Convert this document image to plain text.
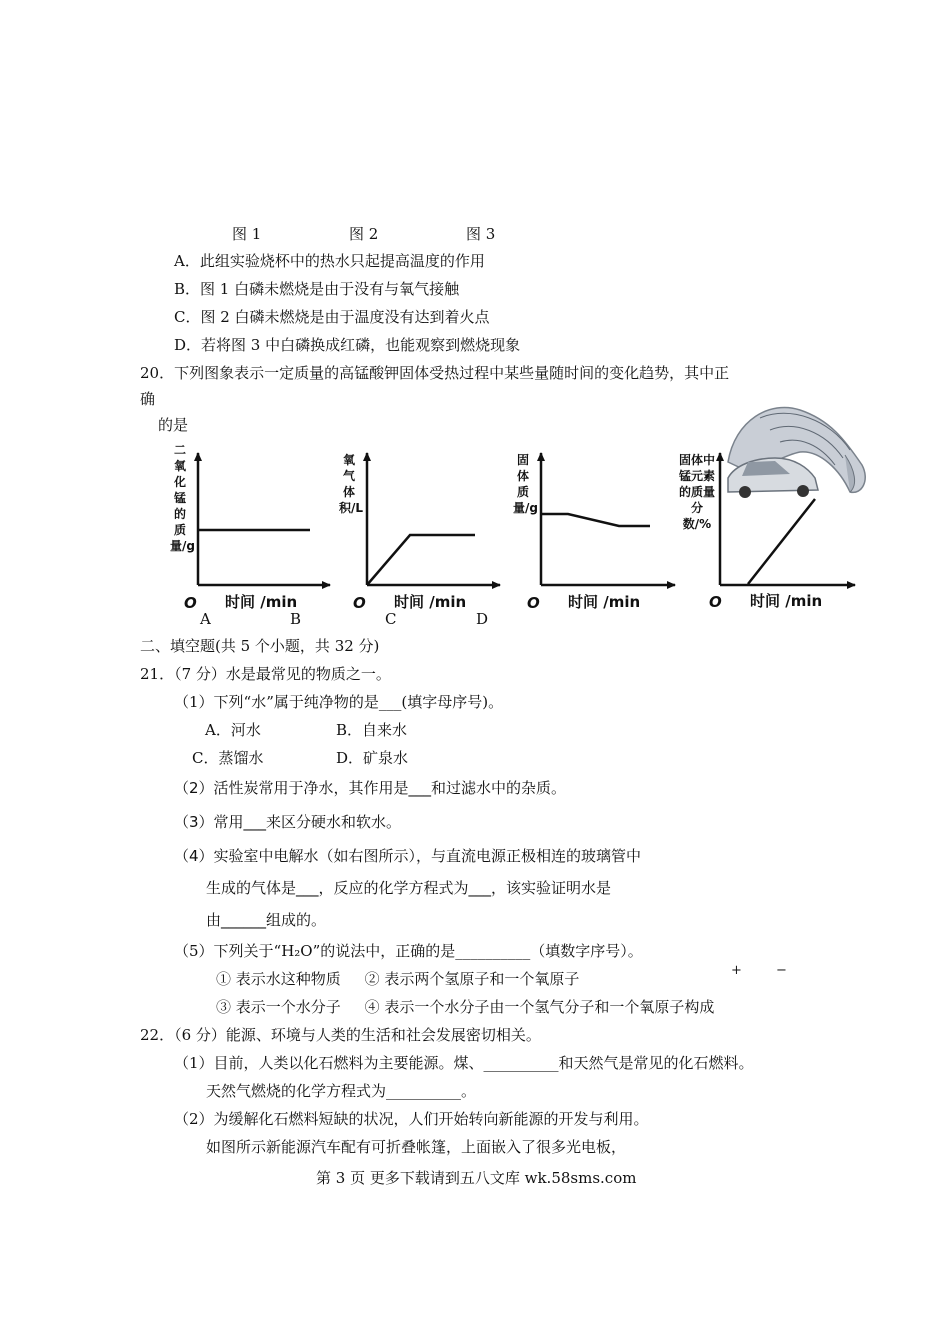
图 1	图 2	图 3
A．此组实验烧杯中的热水只起提高温度的作用
B．图 1 白磷未燃烧是由于没有与氧气接触
C．图 2 白磷未燃烧是由于温度没有达到着火点
D．若将图 3 中白磷换成红磷，也能观察到燃烧现象
20．下列图象表示一定质量的高锰酸钾固体受热过程中某些量随时间的变化趋势，其中正
确
的是
二氧化锰的质量/g
氧气体积/L
固体质量/g
固体中锰元素的质量分数/%
O 时间 /min	O 时间 /min	O 时间 /min	O 时间 /min
A	B	C	D
二、填空题(共 5 个小题，共 32 分)
21．（7 分）水是最常见的物质之一。
（1）下列“水”属于纯净物的是___(填字母序号)。
A．河水	B．自来水
C．蒸馏水	D．矿泉水
（2）活性炭常用于净水，其作用是___和过滤水中的杂质。
（3）常用___来区分硬水和软水。
（4）实验室中电解水（如右图所示），与直流电源正极相连的玻璃管中
生成的气体是___，反应的化学方程式为___，该实验证明水是
由______组成的。
（5）下列关于“H₂O”的说法中，正确的是__________（填数字序号）。
① 表示水这种物质     ② 表示两个氢原子和一个氧原子
③ 表示一个水分子     ④ 表示一个水分子由一个氢气分子和一个氧原子构成
+	−
22．（6 分）能源、环境与人类的生活和社会发展密切相关。
（1）目前，人类以化石燃料为主要能源。煤、__________和天然气是常见的化石燃料。
天然气燃烧的化学方程式为__________。
（2）为缓解化石燃料短缺的状况，人们开始转向新能源的开发与利用。
如图所示新能源汽车配有可折叠帐篷，上面嵌入了很多光电板，
第 3 页 更多下载请到五八文库 wk.58sms.com
